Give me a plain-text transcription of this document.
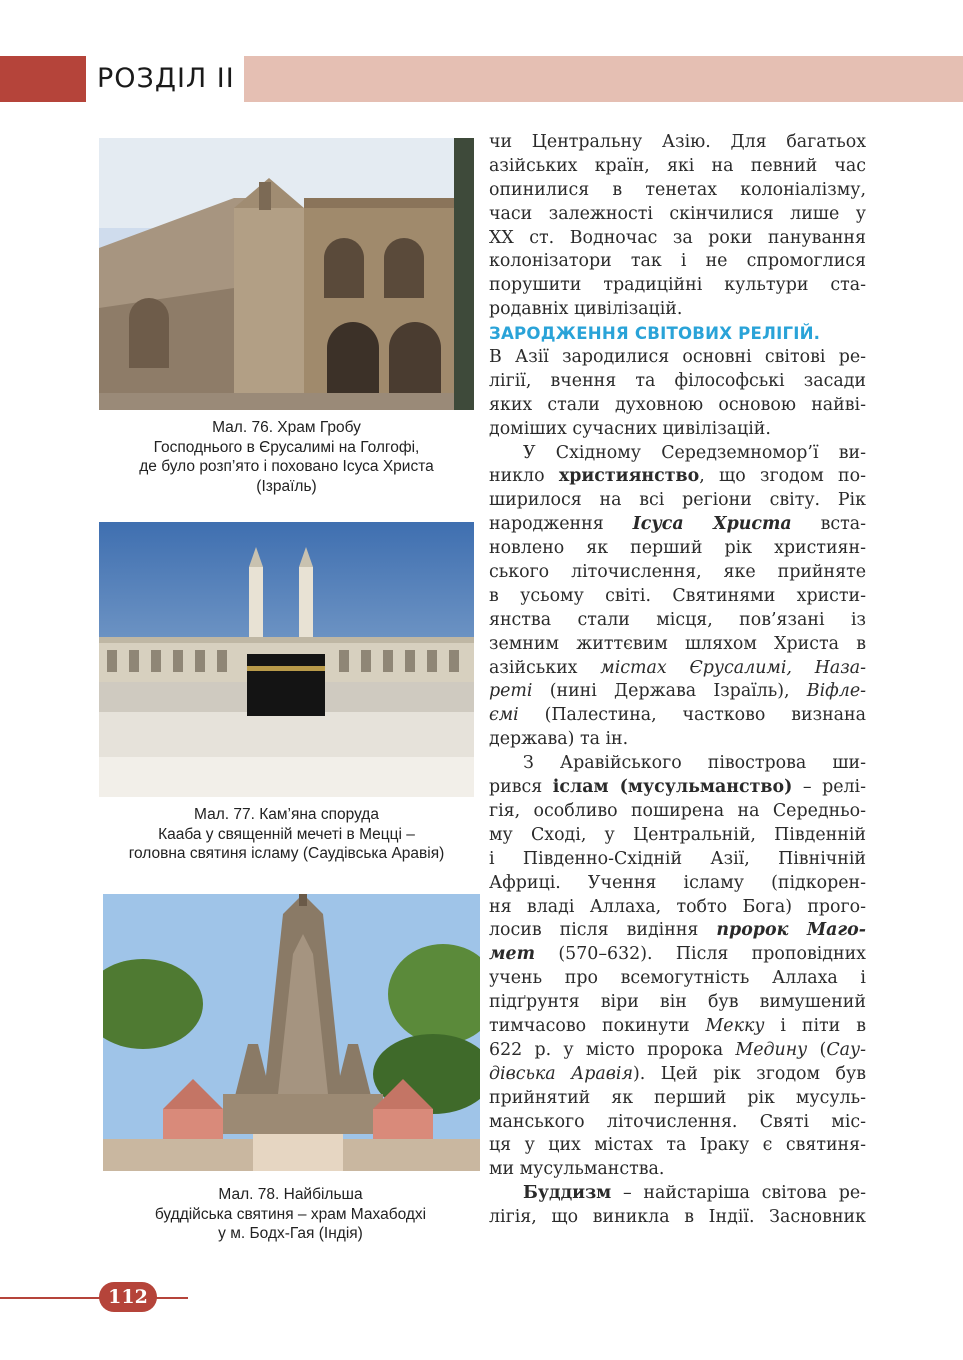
РОЗДІЛ ІІ
Мал. 76. Храм Гробу
Господнього в Єрусалимі на Голгофі,
де було розп’ято і поховано Ісуса Христа
(Ізраїль)
Мал. 77. Кам’яна споруда
Кааба у священній мечеті в Мецці –
головна святиня ісламу (Саудівська Аравія)
Мал. 78. Найбільша
буддійська святиня – храм Махабодхі
у м. Бодх-Гая (Індія)
чи Центральну Азію. Для багатьох
азійських країн, які на певний час
опинилися в тенетах колоніалізму,
часи залежності скінчилися лише у
XX ст. Водночас за роки панування
колонізатори так і не спромоглися
порушити традиційні культури ста-
родавніх цивілізацій.
ЗАРОДЖЕННЯ СВІТОВИХ РЕЛІГІЙ.
В Азії зародилися основні світові ре-
лігії, вчення та філософські засади
яких стали духовною основою найві-
доміших сучасних цивілізацій.
У Східному Середземномор’ї ви-
никло християнство, що згодом по-
ширилося на всі регіони світу. Рік
народження Ісуса Христа вста-
новлено як перший рік християн-
ського літочислення, яке прийняте
в усьому світі. Святинями христи-
янства стали місця, пов’язані із
земним життєвим шляхом Христа в
азійських містах Єрусалимі, Наза-
реті (нині Держава Ізраїль), Віфле-
ємі (Палестина, частково визнана
держава) та ін.
З Аравійського півострова ши-
рився іслам (мусульманство) – релі-
гія, особливо поширена на Середньо-
му Сході, у Центральній, Південній
і Південно-Східній Азії, Північній
Африці. Учення ісламу (підкорен-
ня владі Аллаха, тобто Бога) прого-
лосив після видіння пророк Маго-
мет (570–632). Після проповідних
учень про всемогутність Аллаха і
підґрунтя віри він був вимушений
тимчасово покинути Мекку і піти в
622 р. у місто пророка Медину (Сау-
дівська Аравія). Цей рік згодом був
прийнятий як перший рік мусуль-
манського літочислення. Святі міс-
ця у цих містах та Іраку є святиня-
ми мусульманства.
Буддизм – найстаріша світова ре-
лігія, що виникла в Індії. Засновник
112
